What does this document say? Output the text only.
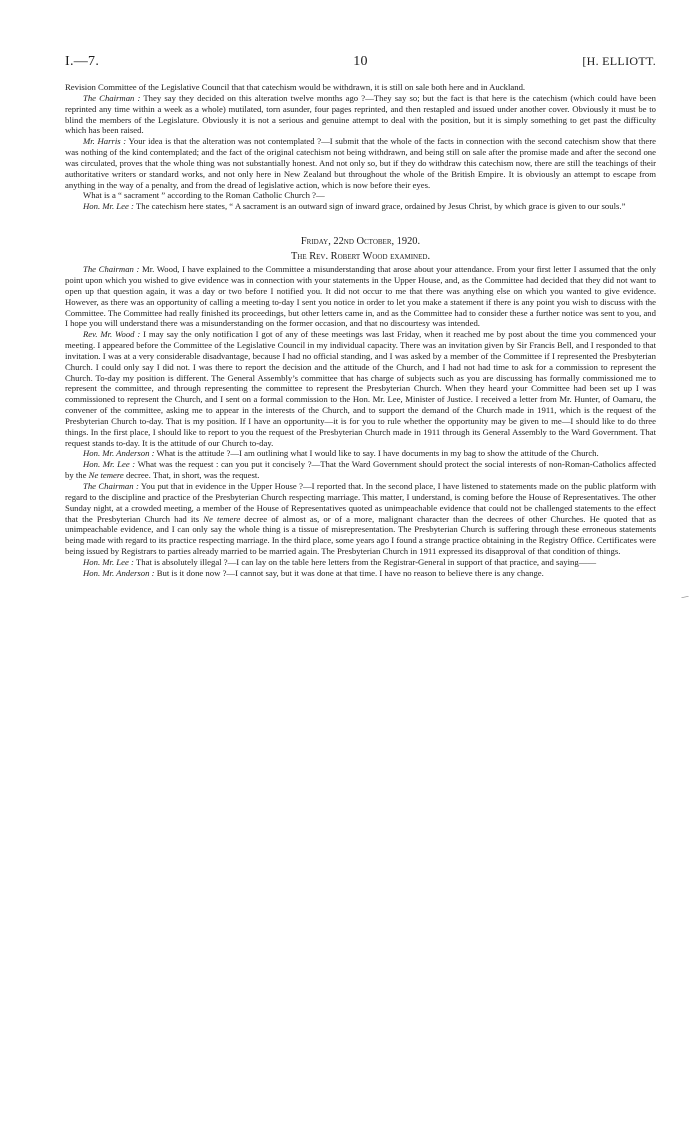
I.—7.	10	[H. ELLIOTT.

Revision Committee of the Legislative Council that that catechism would be withdrawn, it is still on sale both here and in Auckland.

The Chairman : They say they decided on this alteration twelve months ago ?—They say so; but the fact is that here is the catechism (which could have been reprinted any time within a week as a whole) mutilated, torn asunder, four pages reprinted, and then restapled and issued under another cover. Obviously it must be to blind the members of the Legislature. Obviously it is not a serious and genuine attempt to deal with the position, but it is simply something to get past the difficulty which has been raised.

Mr. Harris : Your idea is that the alteration was not contemplated ?—I submit that the whole of the facts in connection with the second catechism show that there was nothing of the kind contemplated; and the fact of the original catechism not being withdrawn, and being still on sale after the promise made and after the second one was circulated, proves that the whole thing was not substantially honest. And not only so, but if they do withdraw this catechism now, there are still the teachings of their authoritative writers or standard works, and not only here in New Zealand but throughout the whole of the British Empire. It is obviously an attempt to escape from anything in the way of a penalty, and from the dread of legislative action, which is now before their eyes.

What is a “ sacrament ” according to the Roman Catholic Church ?—

Hon. Mr. Lee : The catechism here states, “ A sacrament is an outward sign of inward grace, ordained by Jesus Christ, by which grace is given to our souls.”

Friday, 22nd October, 1920.

The Rev. Robert Wood examined.

The Chairman : Mr. Wood, I have explained to the Committee a misunderstanding that arose about your attendance. From your first letter I assumed that the only point upon which you wished to give evidence was in connection with your statements in the Upper House, and, as the Committee had decided that they did not want to open up that question again, it was a day or two before I notified you. It did not occur to me that there was anything else on which you wanted to give evidence. However, as there was an opportunity of calling a meeting to-day I sent you notice in order to let you make a statement if there is any point you wish to discuss with the Committee. The Committee had really finished its proceedings, but other letters came in, and as the Committee had to consider these a further notice was sent to you, and I hope you will understand there was a misunderstanding on the former occasion, and that no discourtesy was intended.

Rev. Mr. Wood : I may say the only notification I got of any of these meetings was last Friday, when it reached me by post about the time you commenced your meeting. I appeared before the Committee of the Legislative Council in my individual capacity. There was an invitation given by Sir Francis Bell, and I responded to that invitation. I was at a very considerable disadvantage, because I had no official standing, and I was asked by a member of the Committee if I represented the Presbyterian Church. I could only say I did not. I was there to report the decision and the attitude of the Church, and I had not had time to ask for a commission to represent the Church. To-day my position is different. The General Assembly’s committee that has charge of subjects such as you are discussing has formally commissioned me to represent the committee, and through representing the committee to represent the Presbyterian Church. When they heard your Committee had been set up I was commissioned to represent the Church, and I sent on a formal commission to the Hon. Mr. Lee, Minister of Justice. I received a letter from Mr. Hunter, of Oamaru, the convener of the committee, asking me to appear in the interests of the Church, and to support the demand of the Church made in 1911, which is the request of the Presbyterian Church to-day. That is my position. If I have an opportunity—it is for you to rule whether the opportunity may be given to me—I should like to do three things. In the first place, I should like to report to you the request of the Presbyterian Church made in 1911 through its General Assembly to the Ward Government. That request stands to-day. It is the attitude of our Church to-day.

Hon. Mr. Anderson : What is the attitude ?—I am outlining what I would like to say. I have documents in my bag to show the attitude of the Church.

Hon. Mr. Lee : What was the request : can you put it concisely ?—That the Ward Government should protect the social interests of non-Roman-Catholics affected by the Ne temere decree. That, in short, was the request.

The Chairman : You put that in evidence in the Upper House ?—I reported that. In the second place, I have listened to statements made on the public platform with regard to the discipline and practice of the Presbyterian Church respecting marriage. This matter, I understand, is coming before the House of Representatives. The other Sunday night, at a crowded meeting, a member of the House of Representatives quoted as unimpeachable evidence that could not be challenged statements to the effect that the Presbyterian Church had its Ne temere decree of almost as, or of a more, malignant character than the decrees of other Churches. He quoted that as unimpeachable evidence, and I can only say the whole thing is a tissue of misrepresentation. The Presbyterian Church is suffering through these erroneous statements being made with regard to its practice respecting marriage. In the third place, some years ago I found a strange practice obtaining in the Registry Office. Certificates were being issued by Registrars to parties already married to be married again. The Presbyterian Church in 1911 expressed its disapproval of that condition of things.

Hon. Mr. Lee : That is absolutely illegal ?—I can lay on the table here letters from the Registrar-General in support of that practice, and saying——

Hon. Mr. Anderson : But is it done now ?—I cannot say, but it was done at that time. I have no reason to believe there is any change.
